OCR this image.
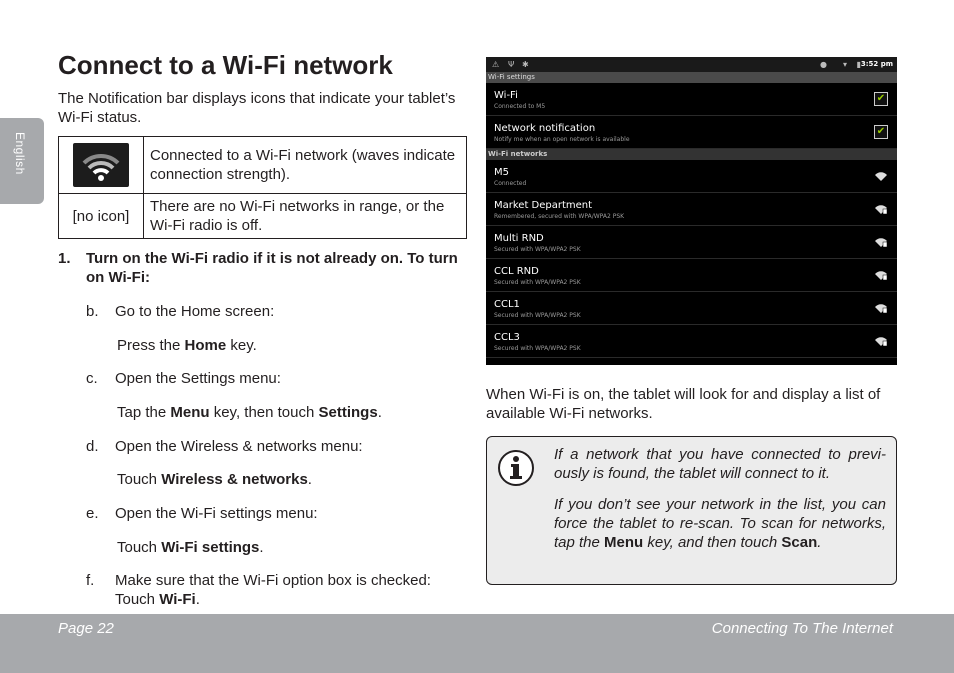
English
Connect to a Wi-Fi network

The Notification bar displays icons that indicate your tablet’s Wi-Fi status.

	Connected to a Wi-Fi network (waves indicate connection strength).
[no icon]	There are no Wi-Fi networks in range, or the Wi-Fi radio is off.
1. Turn on the Wi-Fi radio if it is not already on. To turn on Wi-Fi:
b. Go to the Home screen:
Press the Home key.
c. Open the Settings menu:
Tap the Menu key, then touch Settings.
d. Open the Wireless & networks menu:
Touch Wireless & networks.
e. Open the Wi-Fi settings menu:
Touch Wi-Fi settings.
f. Make sure that the Wi-Fi option box is checked: Touch Wi-Fi.
⚠ Ψ ✱	● ▾ ▮ 3:52 pm
Wi-Fi settings
Wi-Fi
Connected to M5
✔
Network notification
Notify me when an open network is available
✔
Wi-Fi networks
M5
Connected
Market Department
Remembered, secured with WPA/WPA2 PSK
Multi RND
Secured with WPA/WPA2 PSK
CCL RND
Secured with WPA/WPA2 PSK
CCL1
Secured with WPA/WPA2 PSK
CCL3
Secured with WPA/WPA2 PSK

When Wi-Fi is on, the tablet will look for and display a list of available Wi-Fi networks.

If a network that you have connected to previ-ously is found, the tablet will connect to it.

If you don’t see your network in the list, you can force the tablet to re-scan. To scan for networks, tap the Menu key, and then touch Scan.

Page 22	Connecting To The Internet
